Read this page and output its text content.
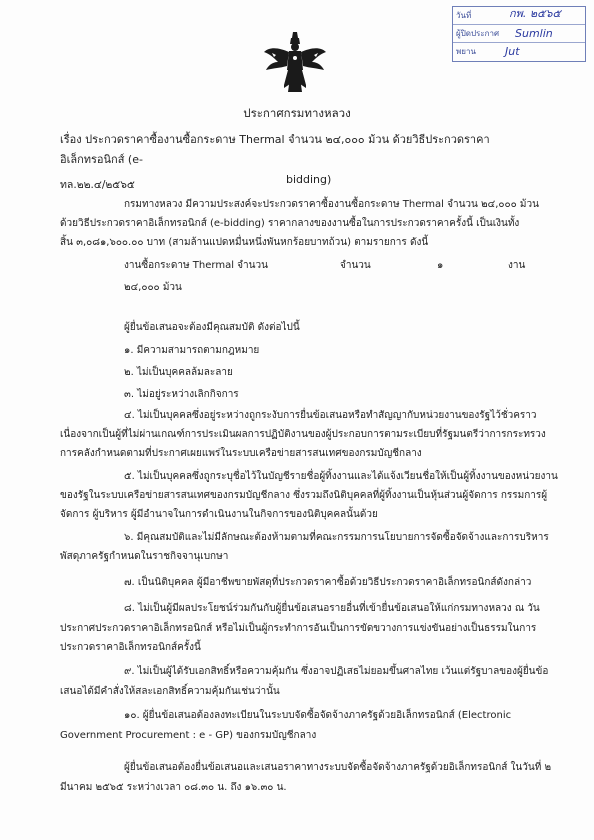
วันที่	กพ. ๒๕๖๕
ผู้ปิดประกาศ Sumlin
พยาน	Jut
ประกาศกรมทางหลวง
เรื่อง ประกวดราคาซื้องานซื้อกระดาษ Thermal จำนวน ๒๔,๐๐๐ ม้วน ด้วยวิธีประกวดราคาอิเล็กทรอนิกส์ (e-
bidding)
ทล.๒๒.๔/๒๕๖๕
กรมทางหลวง มีความประสงค์จะประกวดราคาซื้องานซื้อกระดาษ Thermal จำนวน ๒๔,๐๐๐ ม้วน
ด้วยวิธีประกวดราคาอิเล็กทรอนิกส์ (e-bidding) ราคากลางของงานซื้อในการประกวดราคาครั้งนี้ เป็นเงินทั้ง
สิ้น ๓,๐๘๑,๖๐๐.๐๐ บาท (สามล้านแปดหมื่นหนึ่งพันหกร้อยบาทถ้วน) ตามรายการ ดังนี้
งานซื้อกระดาษ Thermal จำนวน	จำนวน	๑	งาน
๒๔,๐๐๐ ม้วน
ผู้ยื่นข้อเสนอจะต้องมีคุณสมบัติ ดังต่อไปนี้
๑. มีความสามารถตามกฎหมาย
๒. ไม่เป็นบุคคลล้มละลาย
๓. ไม่อยู่ระหว่างเลิกกิจการ
๔. ไม่เป็นบุคคลซึ่งอยู่ระหว่างถูกระงับการยื่นข้อเสนอหรือทำสัญญากับหน่วยงานของรัฐไว้ชั่วคราว
เนื่องจากเป็นผู้ที่ไม่ผ่านเกณฑ์การประเมินผลการปฏิบัติงานของผู้ประกอบการตามระเบียบที่รัฐมนตรีว่าการกระทรวง
การคลังกำหนดตามที่ประกาศเผยแพร่ในระบบเครือข่ายสารสนเทศของกรมบัญชีกลาง
๕. ไม่เป็นบุคคลซึ่งถูกระบุชื่อไว้ในบัญชีรายชื่อผู้ทิ้งงานและได้แจ้งเวียนชื่อให้เป็นผู้ทิ้งงานของหน่วยงาน
ของรัฐในระบบเครือข่ายสารสนเทศของกรมบัญชีกลาง ซึ่งรวมถึงนิติบุคคลที่ผู้ทิ้งงานเป็นหุ้นส่วนผู้จัดการ กรรมการผู้
จัดการ ผู้บริหาร ผู้มีอำนาจในการดำเนินงานในกิจการของนิติบุคคลนั้นด้วย
๖. มีคุณสมบัติและไม่มีลักษณะต้องห้ามตามที่คณะกรรมการนโยบายการจัดซื้อจัดจ้างและการบริหาร
พัสดุภาครัฐกำหนดในราชกิจจานุเบกษา
๗. เป็นนิติบุคคล ผู้มีอาชีพขายพัสดุที่ประกวดราคาซื้อด้วยวิธีประกวดราคาอิเล็กทรอนิกส์ดังกล่าว
๘. ไม่เป็นผู้มีผลประโยชน์ร่วมกันกับผู้ยื่นข้อเสนอรายอื่นที่เข้ายื่นข้อเสนอให้แก่กรมทางหลวง ณ วัน
ประกาศประกวดราคาอิเล็กทรอนิกส์ หรือไม่เป็นผู้กระทำการอันเป็นการขัดขวางการแข่งขันอย่างเป็นธรรมในการ
ประกวดราคาอิเล็กทรอนิกส์ครั้งนี้
๙. ไม่เป็นผู้ได้รับเอกสิทธิ์หรือความคุ้มกัน ซึ่งอาจปฏิเสธไม่ยอมขึ้นศาลไทย เว้นแต่รัฐบาลของผู้ยื่นข้อ
เสนอได้มีคำสั่งให้สละเอกสิทธิ์ความคุ้มกันเช่นว่านั้น
๑๐. ผู้ยื่นข้อเสนอต้องลงทะเบียนในระบบจัดซื้อจัดจ้างภาครัฐด้วยอิเล็กทรอนิกส์ (Electronic
Government Procurement : e - GP) ของกรมบัญชีกลาง
ผู้ยื่นข้อเสนอต้องยื่นข้อเสนอและเสนอราคาทางระบบจัดซื้อจัดจ้างภาครัฐด้วยอิเล็กทรอนิกส์ ในวันที่ ๒
มีนาคม ๒๕๖๕ ระหว่างเวลา ๐๘.๓๐ น. ถึง ๑๖.๓๐ น.
